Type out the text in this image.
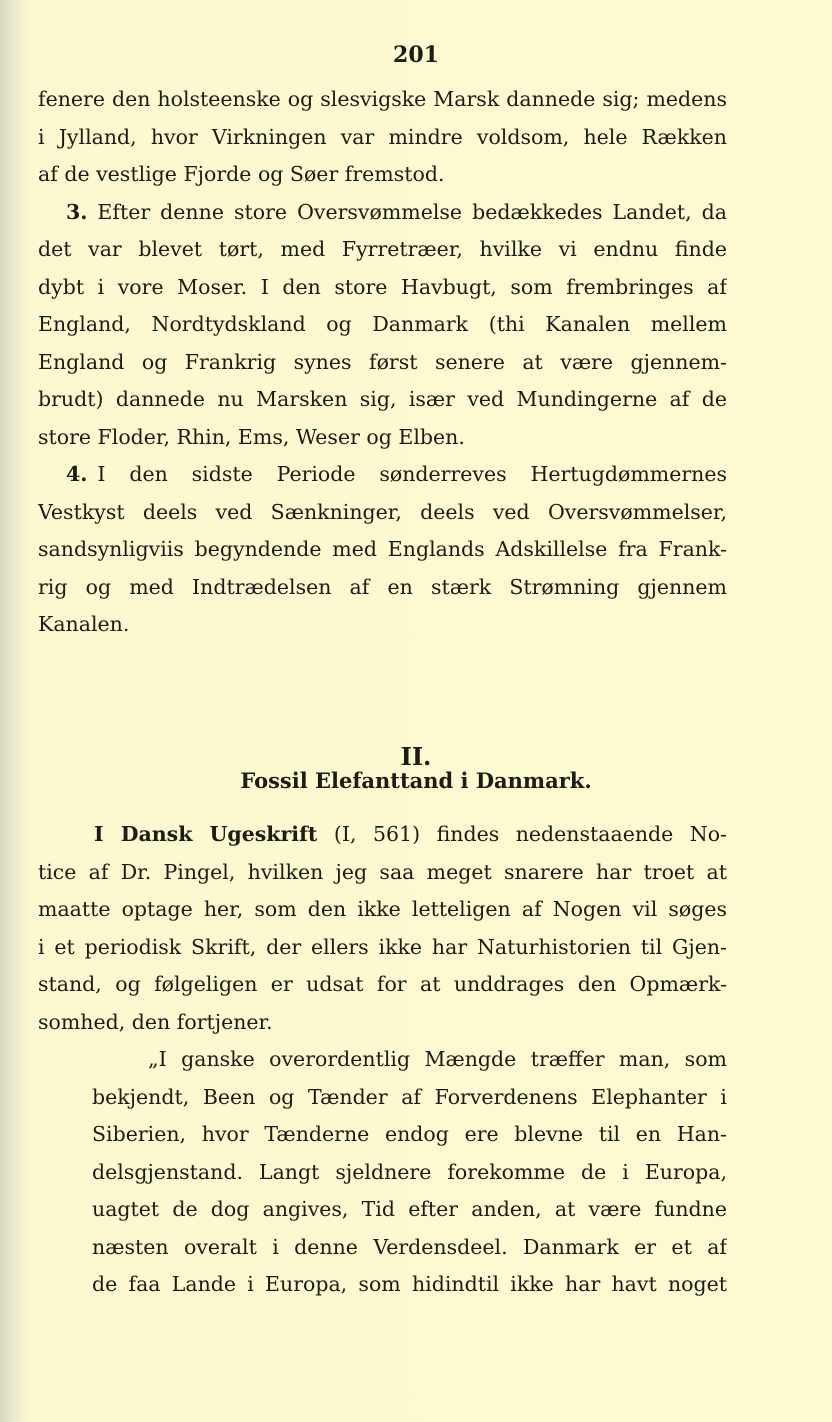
201
fenere den holsteenske og slesvigske Marsk dannede sig; medens
i Jylland, hvor Virkningen var mindre voldsom, hele Rækken
af de vestlige Fjorde og Søer fremstod.
3. Efter denne store Oversvømmelse bedækkedes Landet, da
det var blevet tørt, med Fyrretræer, hvilke vi endnu finde
dybt i vore Moser. I den store Havbugt, som frembringes af
England, Nordtydskland og Danmark (thi Kanalen mellem
England og Frankrig synes først senere at være gjennem-
brudt) dannede nu Marsken sig, især ved Mundingerne af de
store Floder, Rhin, Ems, Weser og Elben.
4. I den sidste Periode sønderreves Hertugdømmernes
Vestkyst deels ved Sænkninger, deels ved Oversvømmelser,
sandsynligviis begyndende med Englands Adskillelse fra Frank-
rig og med Indtrædelsen af en stærk Strømning gjennem
Kanalen.
II.
Fossil Elefanttand i Danmark.
I Dansk Ugeskrift (I, 561) findes nedenstaaende No-
tice af Dr. Pingel, hvilken jeg saa meget snarere har troet at
maatte optage her, som den ikke letteligen af Nogen vil søges
i et periodisk Skrift, der ellers ikke har Naturhistorien til Gjen-
stand, og følgeligen er udsat for at unddrages den Opmærk-
somhed, den fortjener.
„I ganske overordentlig Mængde træffer man, som
bekjendt, Been og Tænder af Forverdenens Elephanter i
Siberien, hvor Tænderne endog ere blevne til en Han-
delsgjenstand. Langt sjeldnere forekomme de i Europa,
uagtet de dog angives, Tid efter anden, at være fundne
næsten overalt i denne Verdensdeel. Danmark er et af
de faa Lande i Europa, som hidindtil ikke har havt noget
